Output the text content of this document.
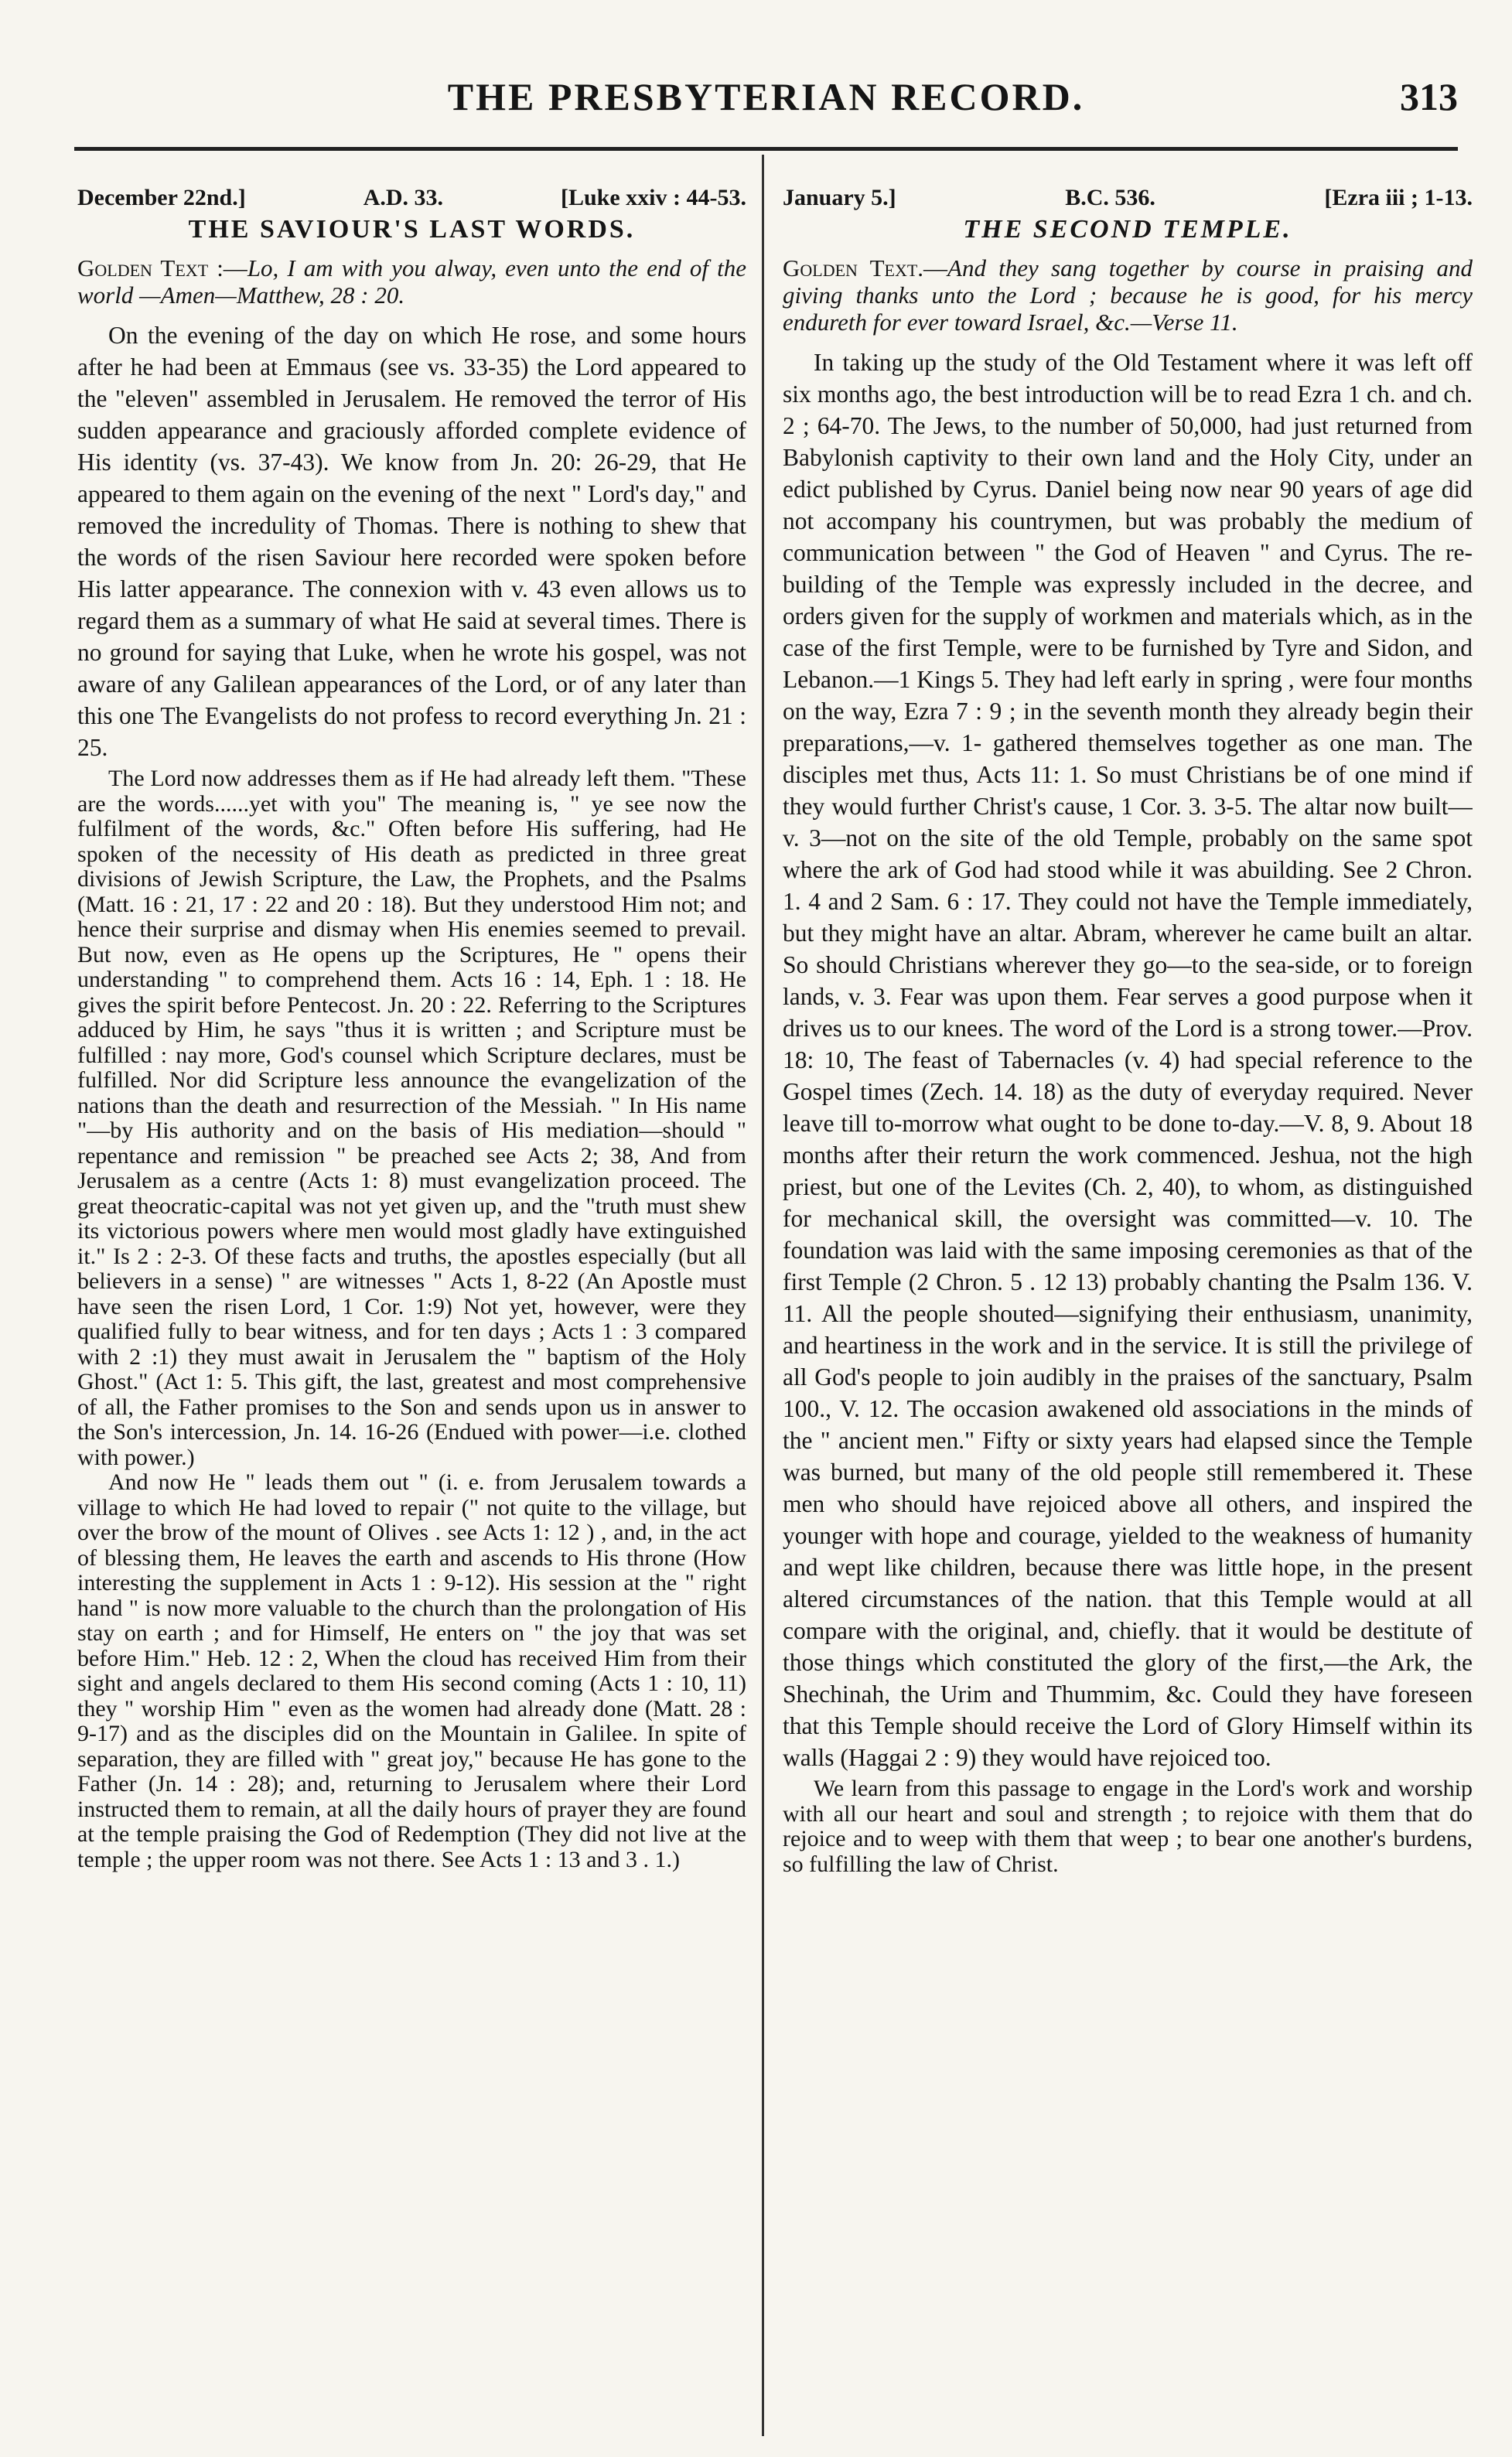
THE PRESBYTERIAN RECORD.	313
December 22nd.]	A.D. 33.	[Luke xxiv : 44-53.
THE SAVIOUR'S LAST WORDS.

Golden Text :—Lo, I am with you alway, even unto the end of the world —Amen—Matthew, 28 : 20.

On the evening of the day on which He rose, and some hours after he had been at Emmaus (see vs. 33-35) the Lord appeared to the "eleven" assembled in Jerusalem. He removed the terror of His sudden appearance and graciously afforded complete evidence of His identity (vs. 37-43). We know from Jn. 20: 26-29, that He appeared to them again on the evening of the next " Lord's day," and removed the incredulity of Thomas. There is nothing to shew that the words of the risen Saviour here recorded were spoken before His latter appearance. The connexion with v. 43 even allows us to regard them as a summary of what He said at several times. There is no ground for saying that Luke, when he wrote his gospel, was not aware of any Galilean appearances of the Lord, or of any later than this one The Evangelists do not profess to record everything Jn. 21 : 25.

The Lord now addresses them as if He had already left them. "These are the words......yet with you" The meaning is, " ye see now the fulfilment of the words, &c." Often before His suffering, had He spoken of the necessity of His death as predicted in three great divisions of Jewish Scripture, the Law, the Prophets, and the Psalms (Matt. 16 : 21, 17 : 22 and 20 : 18). But they understood Him not; and hence their surprise and dismay when His enemies seemed to prevail. But now, even as He opens up the Scriptures, He " opens their understanding " to comprehend them. Acts 16 : 14, Eph. 1 : 18. He gives the spirit before Pentecost. Jn. 20 : 22. Referring to the Scriptures adduced by Him, he says "thus it is written ; and Scripture must be fulfilled : nay more, God's counsel which Scripture declares, must be fulfilled. Nor did Scripture less announce the evangelization of the nations than the death and resurrection of the Messiah. " In His name "—by His authority and on the basis of His mediation—should " repentance and remission " be preached see Acts 2; 38, And from Jerusalem as a centre (Acts 1: 8) must evangelization proceed. The great theocratic-capital was not yet given up, and the "truth must shew its victorious powers where men would most gladly have extinguished it." Is 2 : 2-3. Of these facts and truths, the apostles especially (but all believers in a sense) " are witnesses " Acts 1, 8-22 (An Apostle must have seen the risen Lord, 1 Cor. 1:9) Not yet, however, were they qualified fully to bear witness, and for ten days ; Acts 1 : 3 compared with 2 :1) they must await in Jerusalem the " baptism of the Holy Ghost." (Act 1: 5. This gift, the last, greatest and most comprehensive of all, the Father promises to the Son and sends upon us in answer to the Son's intercession, Jn. 14. 16-26 (Endued with power—i.e. clothed with power.)

And now He " leads them out " (i. e. from Jerusalem towards a village to which He had loved to repair (" not quite to the village, but over the brow of the mount of Olives . see Acts 1: 12 ) , and, in the act of blessing them, He leaves the earth and ascends to His throne (How interesting the supplement in Acts 1 : 9-12). His session at the " right hand " is now more valuable to the church than the prolongation of His stay on earth ; and for Himself, He enters on " the joy that was set before Him." Heb. 12 : 2, When the cloud has received Him from their sight and angels declared to them His second coming (Acts 1 : 10, 11) they " worship Him " even as the women had already done (Matt. 28 : 9-17) and as the disciples did on the Mountain in Galilee. In spite of separation, they are filled with " great joy," because He has gone to the Father (Jn. 14 : 28); and, returning to Jerusalem where their Lord instructed them to remain, at all the daily hours of prayer they are found at the temple praising the God of Redemption (They did not live at the temple ; the upper room was not there. See Acts 1 : 13 and 3 . 1.)

January 5.]	B.C. 536.	[Ezra iii ; 1-13.
THE SECOND TEMPLE.

Golden Text.—And they sang together by course in praising and giving thanks unto the Lord ; because he is good, for his mercy endureth for ever toward Israel, &c.—Verse 11.

In taking up the study of the Old Testament where it was left off six months ago, the best introduction will be to read Ezra 1 ch. and ch. 2 ; 64-70. The Jews, to the number of 50,000, had just returned from Babylonish captivity to their own land and the Holy City, under an edict published by Cyrus. Daniel being now near 90 years of age did not accompany his countrymen, but was probably the medium of communication between " the God of Heaven " and Cyrus. The re-building of the Temple was expressly included in the decree, and orders given for the supply of workmen and materials which, as in the case of the first Temple, were to be furnished by Tyre and Sidon, and Lebanon.—1 Kings 5. They had left early in spring , were four months on the way, Ezra 7 : 9 ; in the seventh month they already begin their preparations,—v. 1- gathered themselves together as one man. The disciples met thus, Acts 11: 1. So must Christians be of one mind if they would further Christ's cause, 1 Cor. 3. 3-5. The altar now built—v. 3—not on the site of the old Temple, probably on the same spot where the ark of God had stood while it was abuilding. See 2 Chron. 1. 4 and 2 Sam. 6 : 17. They could not have the Temple immediately, but they might have an altar. Abram, wherever he came built an altar. So should Christians wherever they go—to the sea-side, or to foreign lands, v. 3. Fear was upon them. Fear serves a good purpose when it drives us to our knees. The word of the Lord is a strong tower.—Prov. 18: 10, The feast of Tabernacles (v. 4) had special reference to the Gospel times (Zech. 14. 18) as the duty of everyday required. Never leave till to-morrow what ought to be done to-day.—V. 8, 9. About 18 months after their return the work commenced. Jeshua, not the high priest, but one of the Levites (Ch. 2, 40), to whom, as distinguished for mechanical skill, the oversight was committed—v. 10. The foundation was laid with the same imposing ceremonies as that of the first Temple (2 Chron. 5 . 12 13) probably chanting the Psalm 136. V. 11. All the people shouted—signifying their enthusiasm, unanimity, and heartiness in the work and in the service. It is still the privilege of all God's people to join audibly in the praises of the sanctuary, Psalm 100., V. 12. The occasion awakened old associations in the minds of the " ancient men." Fifty or sixty years had elapsed since the Temple was burned, but many of the old people still remembered it. These men who should have rejoiced above all others, and inspired the younger with hope and courage, yielded to the weakness of humanity and wept like children, because there was little hope, in the present altered circumstances of the nation. that this Temple would at all compare with the original, and, chiefly. that it would be destitute of those things which constituted the glory of the first,—the Ark, the Shechinah, the Urim and Thummim, &c. Could they have foreseen that this Temple should receive the Lord of Glory Himself within its walls (Haggai 2 : 9) they would have rejoiced too.

We learn from this passage to engage in the Lord's work and worship with all our heart and soul and strength ; to rejoice with them that do rejoice and to weep with them that weep ; to bear one another's burdens, so fulfilling the law of Christ.
